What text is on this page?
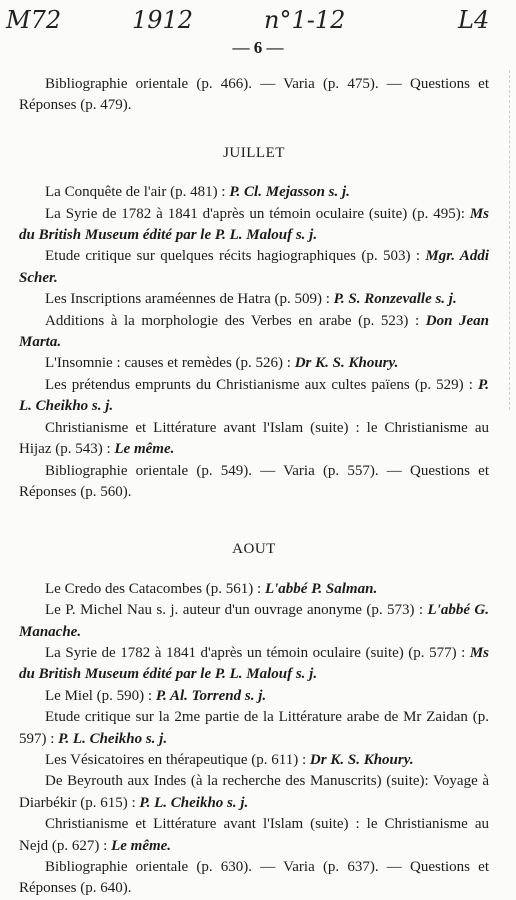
M72	1912	n°1-12	L4
— 6 —

Bibliographie orientale (p. 466). — Varia (p. 475). — Questions et Réponses (p. 479).

JUILLET

La Conquête de l'air (p. 481) : P. Cl. Mejasson s. j.

La Syrie de 1782 à 1841 d'après un témoin oculaire (suite) (p. 495): Ms du British Museum édité par le P. L. Malouf s. j.

Etude critique sur quelques récits hagiographiques (p. 503) : Mgr. Addi Scher.

Les Inscriptions araméennes de Hatra (p. 509) : P. S. Ronzevalle s. j.

Additions à la morphologie des Verbes en arabe (p. 523) : Don Jean Marta.

L'Insomnie : causes et remèdes (p. 526) : Dr K. S. Khoury.

Les prétendus emprunts du Christianisme aux cultes païens (p. 529) : P. L. Cheikho s. j.

Christianisme et Littérature avant l'Islam (suite) : le Christianisme au Hijaz (p. 543) : Le même.

Bibliographie orientale (p. 549). — Varia (p. 557). — Questions et Réponses (p. 560).

AOUT

Le Credo des Catacombes (p. 561) : L'abbé P. Salman.

Le P. Michel Nau s. j. auteur d'un ouvrage anonyme (p. 573) : L'abbé G. Manache.

La Syrie de 1782 à 1841 d'après un témoin oculaire (suite) (p. 577) : Ms du British Museum édité par le P. L. Malouf s. j.

Le Miel (p. 590) : P. Al. Torrend s. j.

Etude critique sur la 2me partie de la Littérature arabe de Mr Zaidan (p. 597) : P. L. Cheikho s. j.

Les Vésicatoires en thérapeutique (p. 611) : Dr K. S. Khoury.

De Beyrouth aux Indes (à la recherche des Manuscrits) (suite): Voyage à Diarbékir (p. 615) : P. L. Cheikho s. j.

Christianisme et Littérature avant l'Islam (suite) : le Christianisme au Nejd (p. 627) : Le même.

Bibliographie orientale (p. 630). — Varia (p. 637). — Questions et Réponses (p. 640).
